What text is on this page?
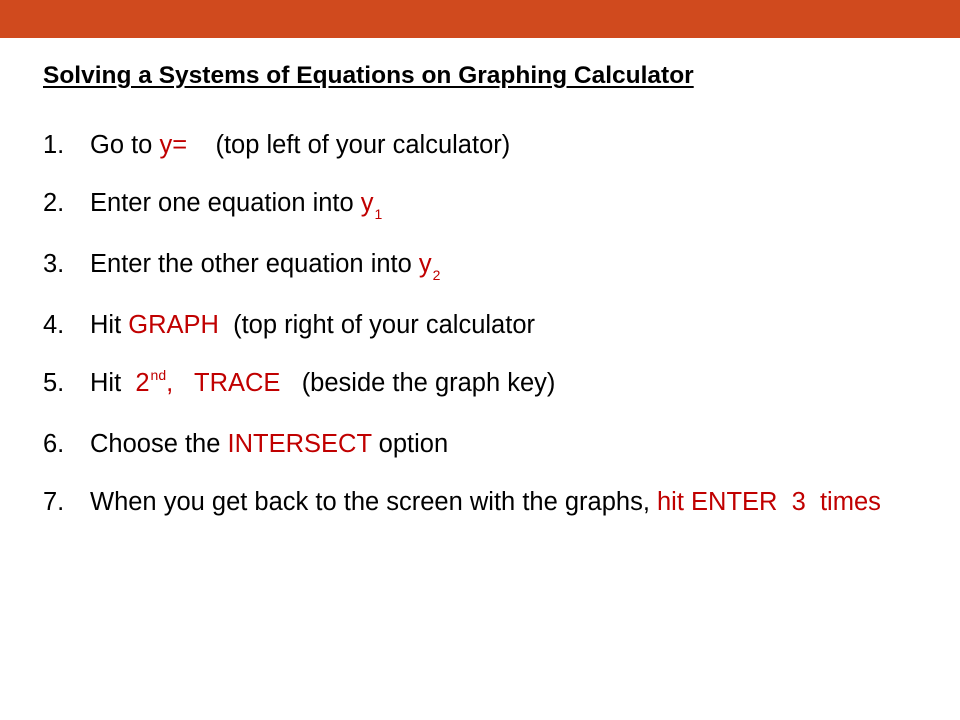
Solving a Systems of Equations on Graphing Calculator
1. Go to y=    (top left of your calculator)
2. Enter one equation into $y_1$
3. Enter the other equation into $y_2$
4. Hit GRAPH  (top right of your calculator
5. Hit  2nd,   TRACE   (beside the graph key)
6. Choose the INTERSECT option
7. When you get back to the screen with the graphs, hit ENTER  3  times
